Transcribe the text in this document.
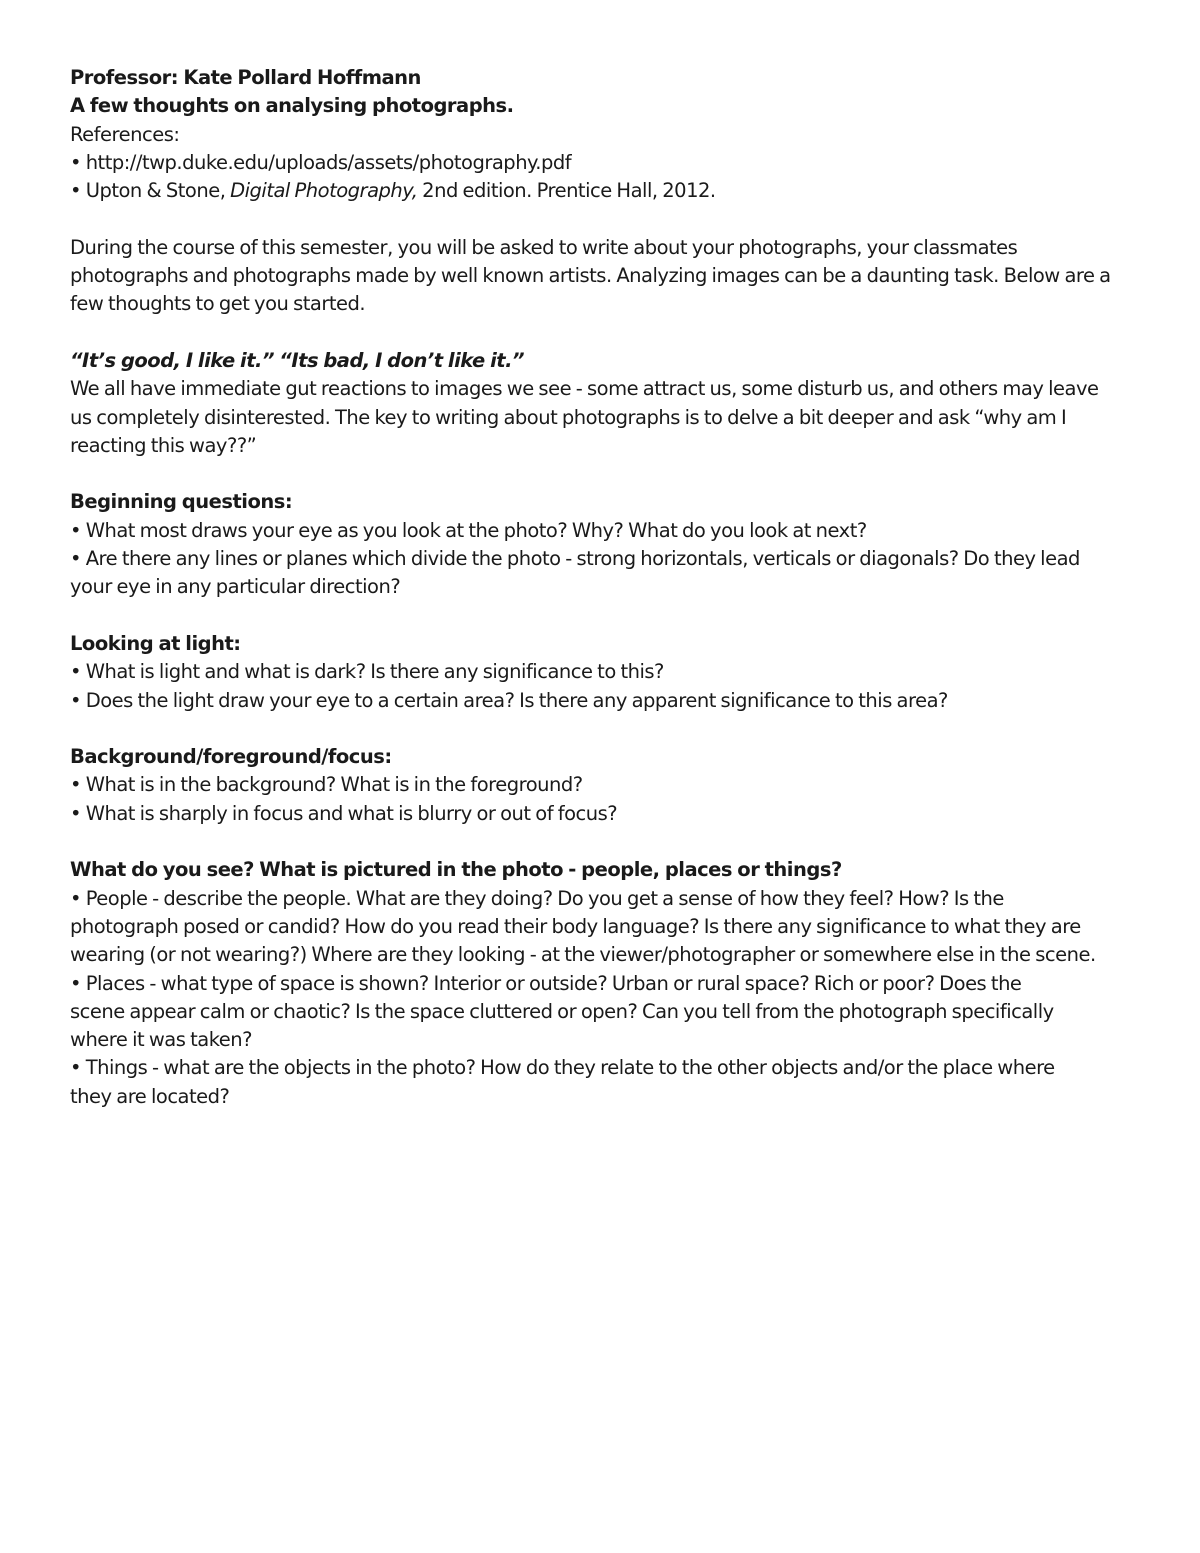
Professor: Kate Pollard Hoffmann
A few thoughts on analysing photographs.
References:
• http://twp.duke.edu/uploads/assets/photography.pdf
• Upton & Stone, Digital Photography, 2nd edition. Prentice Hall, 2012.
During the course of this semester, you will be asked to write about your photographs, your classmates
photographs and photographs made by well known artists. Analyzing images can be a daunting task. Below are a
few thoughts to get you started.
“It’s good, I like it.” “Its bad, I don’t like it.”
We all have immediate gut reactions to images we see - some attract us, some disturb us, and others may leave
us completely disinterested. The key to writing about photographs is to delve a bit deeper and ask “why am I
reacting this way??”
Beginning questions:
• What most draws your eye as you look at the photo? Why? What do you look at next?
• Are there any lines or planes which divide the photo - strong horizontals, verticals or diagonals? Do they lead
your eye in any particular direction?
Looking at light:
• What is light and what is dark? Is there any significance to this?
• Does the light draw your eye to a certain area? Is there any apparent significance to this area?
Background/foreground/focus:
• What is in the background? What is in the foreground?
• What is sharply in focus and what is blurry or out of focus?
What do you see? What is pictured in the photo - people, places or things?
• People - describe the people. What are they doing? Do you get a sense of how they feel? How? Is the
photograph posed or candid? How do you read their body language? Is there any significance to what they are
wearing (or not wearing?) Where are they looking - at the viewer/photographer or somewhere else in the scene.
• Places - what type of space is shown? Interior or outside? Urban or rural space? Rich or poor? Does the
scene appear calm or chaotic? Is the space cluttered or open? Can you tell from the photograph specifically
where it was taken?
• Things - what are the objects in the photo? How do they relate to the other objects and/or the place where
they are located?
